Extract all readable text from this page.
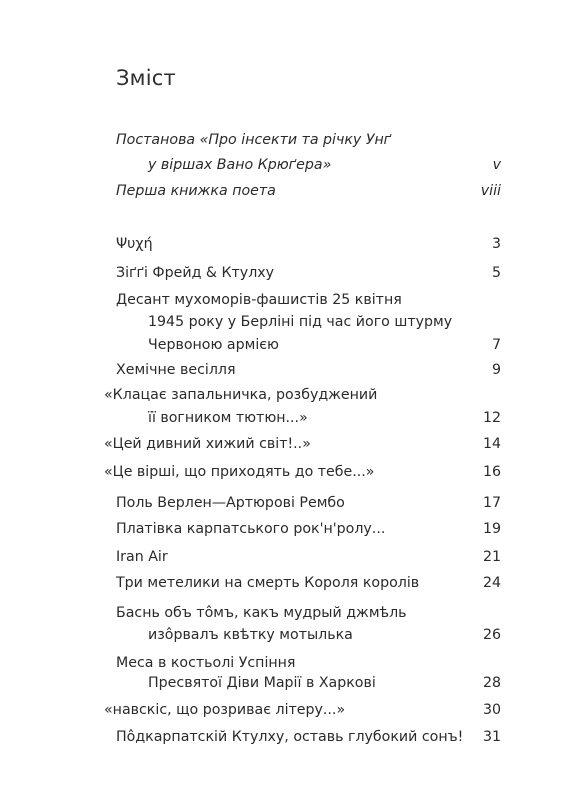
Зміст
Постанова «Про інсекти та річку Унґ
у віршах Вано Крюґера»	v
Перша книжка поета	viii
Ψυχή	3
Зіґґі Фрейд & Ктулху	5
Десант мухоморів-фашистів 25 квітня
1945 року у Берліні під час його штурму
Червоною армією	7
Хемічне весілля	9
«Клацає запальничка, розбуджений
її вогником тютюн...»	12
«Цей дивний хижий світ!..»	14
«Це вірші, що приходять до тебе...»	16
Поль Верлен—Артюрові Рембо	17
Платівка карпатського рок'н'ролу...	19
Iran Air	21
Три метелики на смерть Короля королів	24
Баснь объ тôмъ, какъ мудрый джмѣль
изôрвалъ квѣтку мотылька	26
Меса в костьолі Успіння
Пресвятої Діви Марії в Харкові	28
«навскіс, що розриває літеру...»	30
Пôдкарпатскій Ктулху, оставь глубокий сонъ! 31
